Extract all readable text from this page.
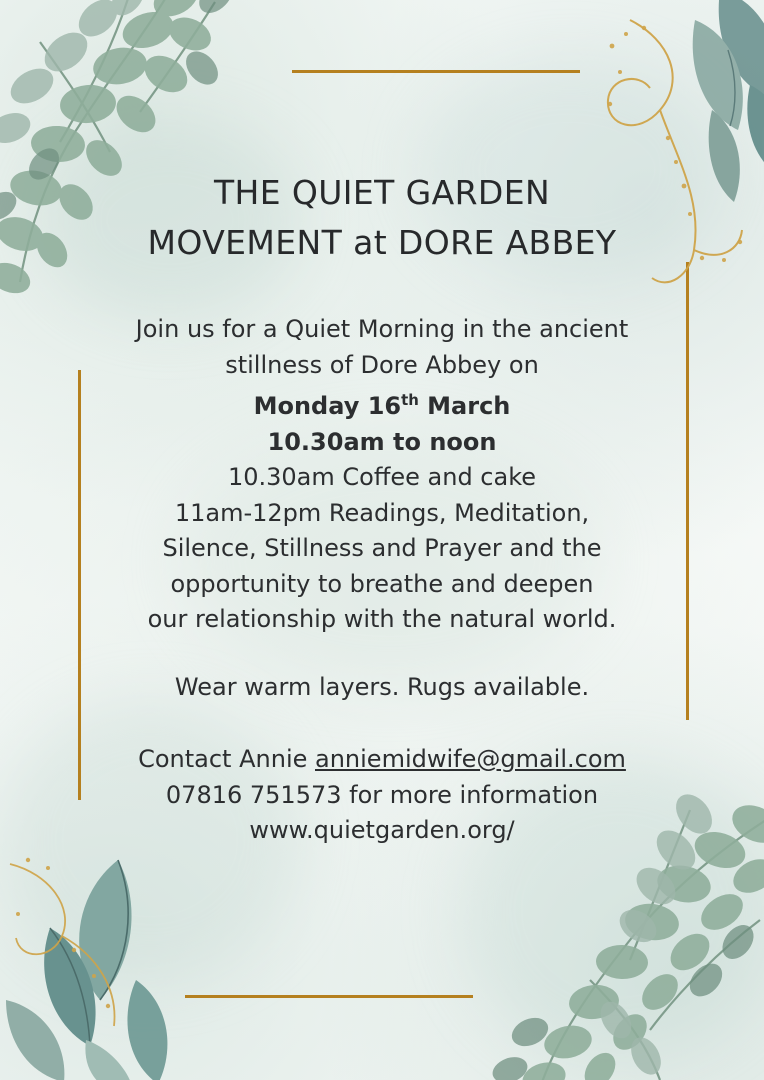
THE QUIET GARDEN
MOVEMENT at DORE ABBEY

Join us for a Quiet Morning in the ancient

stillness of Dore Abbey on

Monday 16th March

10.30am to noon

10.30am Coffee and cake

11am-12pm Readings, Meditation,

Silence, Stillness and Prayer and the

opportunity to breathe and deepen

our relationship with the natural world.

Wear warm layers. Rugs available.

Contact Annie anniemidwife@gmail.com

07816 751573 for more information

www.quietgarden.org/
